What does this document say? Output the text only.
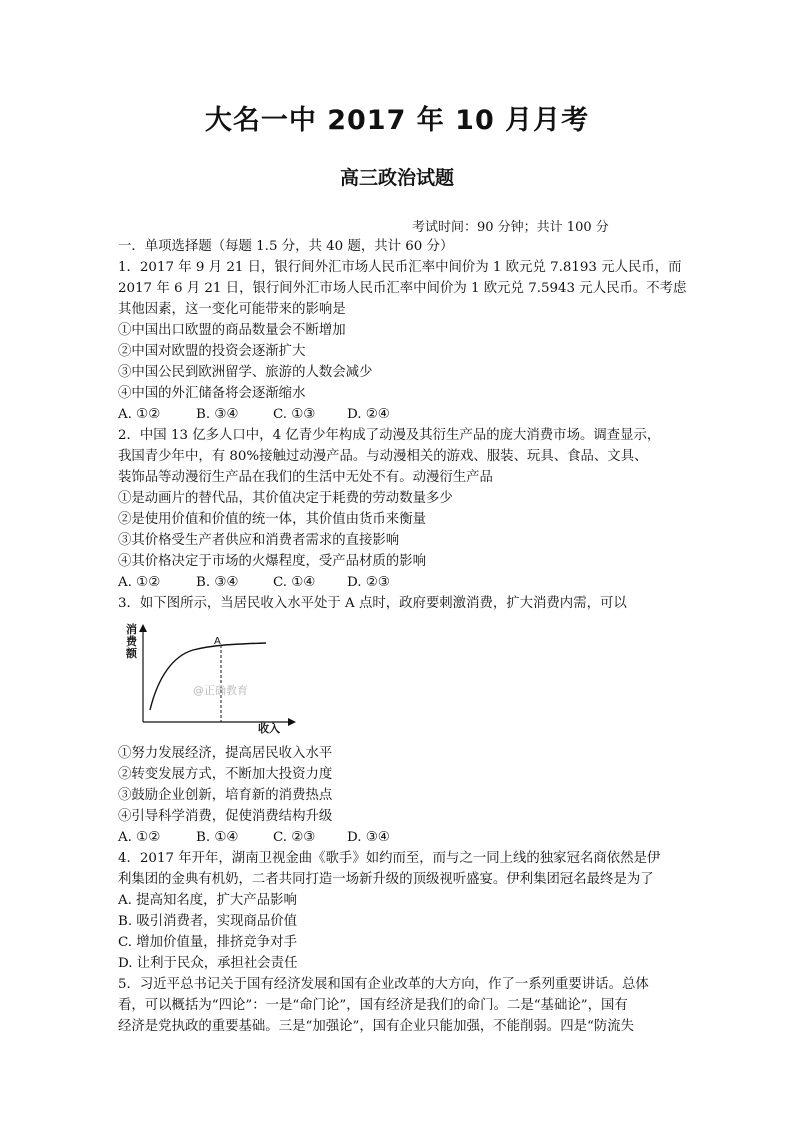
大名一中 2017 年 10 月月考
高三政治试题
考试时间：90 分钟；共计 100 分
一．单项选择题（每题 1.5 分，共 40 题，共计 60 分）
1．2017 年 9 月 21 日，银行间外汇市场人民币汇率中间价为 1 欧元兑 7.8193 元人民币，而
2017 年 6 月 21 日，银行间外汇市场人民币汇率中间价为 1 欧元兑 7.5943 元人民币。不考虑
其他因素，这一变化可能带来的影响是
①中国出口欧盟的商品数量会不断增加
②中国对欧盟的投资会逐渐扩大
③中国公民到欧洲留学、旅游的人数会减少
④中国的外汇储备将会逐渐缩水
A. ①②	B. ③④	C. ①③	D. ②④
2．中国 13 亿多人口中，4 亿青少年构成了动漫及其衍生产品的庞大消费市场。调查显示，
我国青少年中，有 80%接触过动漫产品。与动漫相关的游戏、服装、玩具、食品、文具、
装饰品等动漫衍生产品在我们的生活中无处不有。动漫衍生产品
①是动画片的替代品，其价值决定于耗费的劳动数量多少
②是使用价值和价值的统一体，其价值由货币来衡量
③其价格受生产者供应和消费者需求的直接影响
④其价格决定于市场的火爆程度，受产品材质的影响
A. ①②	B. ③④	C. ①④	D. ②③
3．如下图所示，当居民收入水平处于 A 点时，政府要刺激消费，扩大消费内需，可以
消费额
A
@正确教育
收入
①努力发展经济，提高居民收入水平
②转变发展方式，不断加大投资力度
③鼓励企业创新，培育新的消费热点
④引导科学消费，促使消费结构升级
A. ①②	B. ①④	C. ②③	D. ③④
4．2017 年开年，湖南卫视金曲《歌手》如约而至，而与之一同上线的独家冠名商依然是伊
利集团的金典有机奶，二者共同打造一场新升级的顶级视听盛宴。伊利集团冠名最终是为了
A. 提高知名度，扩大产品影响
B. 吸引消费者，实现商品价值
C. 增加价值量，排挤竞争对手
D. 让利于民众，承担社会责任
5．习近平总书记关于国有经济发展和国有企业改革的大方向，作了一系列重要讲话。总体
看，可以概括为“四论”：一是“命门论”，国有经济是我们的命门。二是“基础论”，国有
经济是党执政的重要基础。三是“加强论”，国有企业只能加强，不能削弱。四是“防流失
